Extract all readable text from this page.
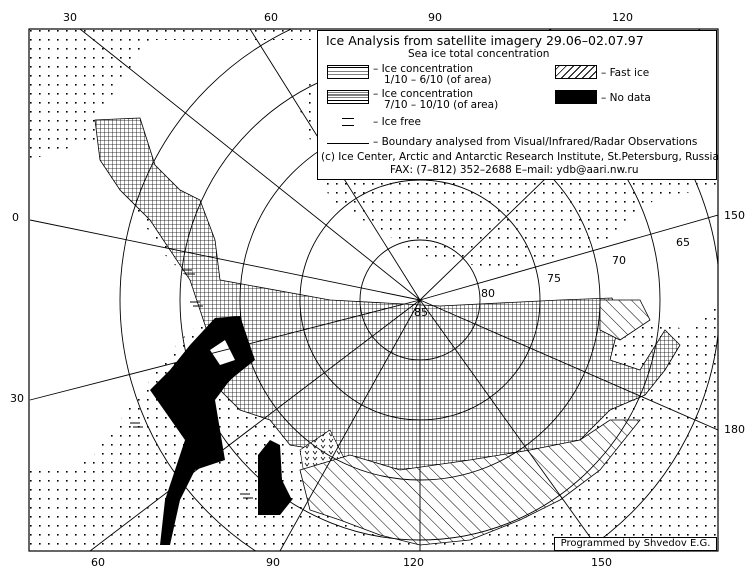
85
80
75
70
65
30	60	90	120
0
30
150
180
60	90	120	150
Ice Analysis from satellite imagery 29.06–02.07.97
Sea ice total concentration
– Ice concentration
1/10 – 6/10 (of area)
– Fast ice
– Ice concentration
7/10 – 10/10 (of area)
– No data
– Ice free
– Boundary analysed from Visual/Infrared/Radar Observations
(c) Ice Center, Arctic and Antarctic Research Institute, St.Petersburg, Russia
FAX: (7–812) 352–2688 E–mail: ydb@aari.nw.ru
Programmed by Shvedov E.G.
